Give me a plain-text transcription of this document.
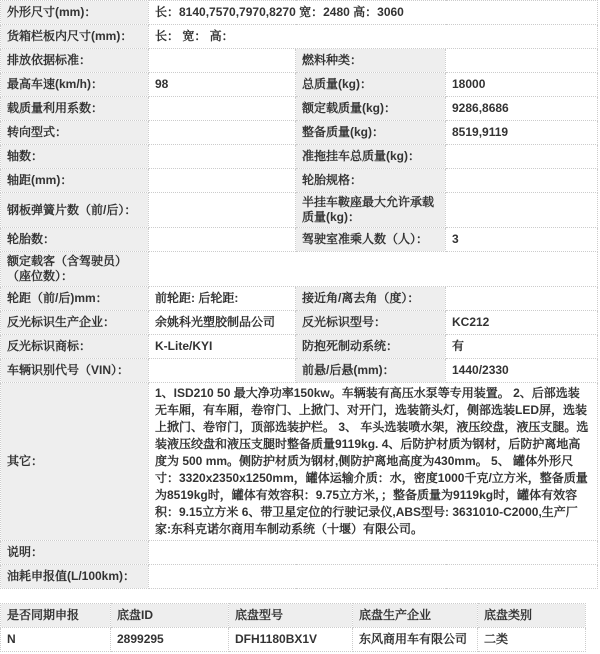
外形尺寸(mm)：	长：8140,7570,7970,8270 宽：2480 高：3060		
货箱栏板内尺寸(mm)：	长： 宽： 高：		
排放依据标准：		燃料种类：	
最高车速(km/h)：	98	总质量(kg)：	18000
载质量利用系数：		额定载质量(kg)：	9286,8686
转向型式：		整备质量(kg)：	8519,9119
轴数：		准拖挂车总质量(kg)：	
轴距(mm)：		轮胎规格：	
钢板弹簧片数（前/后）：		半挂车鞍座最大允许承载质量(kg)：	
轮胎数：		驾驶室准乘人数（人）：	3
额定载客（含驾驶员）（座位数）：			
轮距（前/后)mm：	前轮距: 后轮距:	接近角/离去角（度）：	
反光标识生产企业：	余姚科光塑胶制品公司	反光标识型号：	KC212
反光标识商标：	K-Lite/KYI	防抱死制动系统：	有
车辆识别代号（VIN）：		前悬/后悬(mm)：	1440/2330
其它：	1、ISD210 50 最大净功率150kw。车辆装有高压水泵等专用装置。 2、后部选装无车厢，有车厢，卷帘门、上掀门、对开门，选装箭头灯，侧部选装LED屏，选装上掀门、卷帘门，顶部选装护栏。 3、 车头选装喷水架，液压绞盘，液压支腿。选装液压绞盘和液压支腿时整备质量9119kg. 4、后防护材质为钢材，后防护离地高度为 500 mm。侧防护材质为钢材,侧防护离地高度为430mm。 5、 罐体外形尺寸：3320x2350x1250mm，罐体运输介质：水，密度1000千克/立方米，整备质量为8519kg时，罐体有效容积：9.75立方米，；整备质量为9119kg时，罐体有效容积：9.15立方米 6、带卫星定位的行驶记录仪,ABS型号: 3631010-C2000,生产厂家:东科克诺尔商用车制动系统（十堰）有限公司。		
说明：			
油耗申报值(L/100km)：			
是否同期申报	底盘ID	底盘型号	底盘生产企业	底盘类别
N	2899295	DFH1180BX1V	东风商用车有限公司	二类
